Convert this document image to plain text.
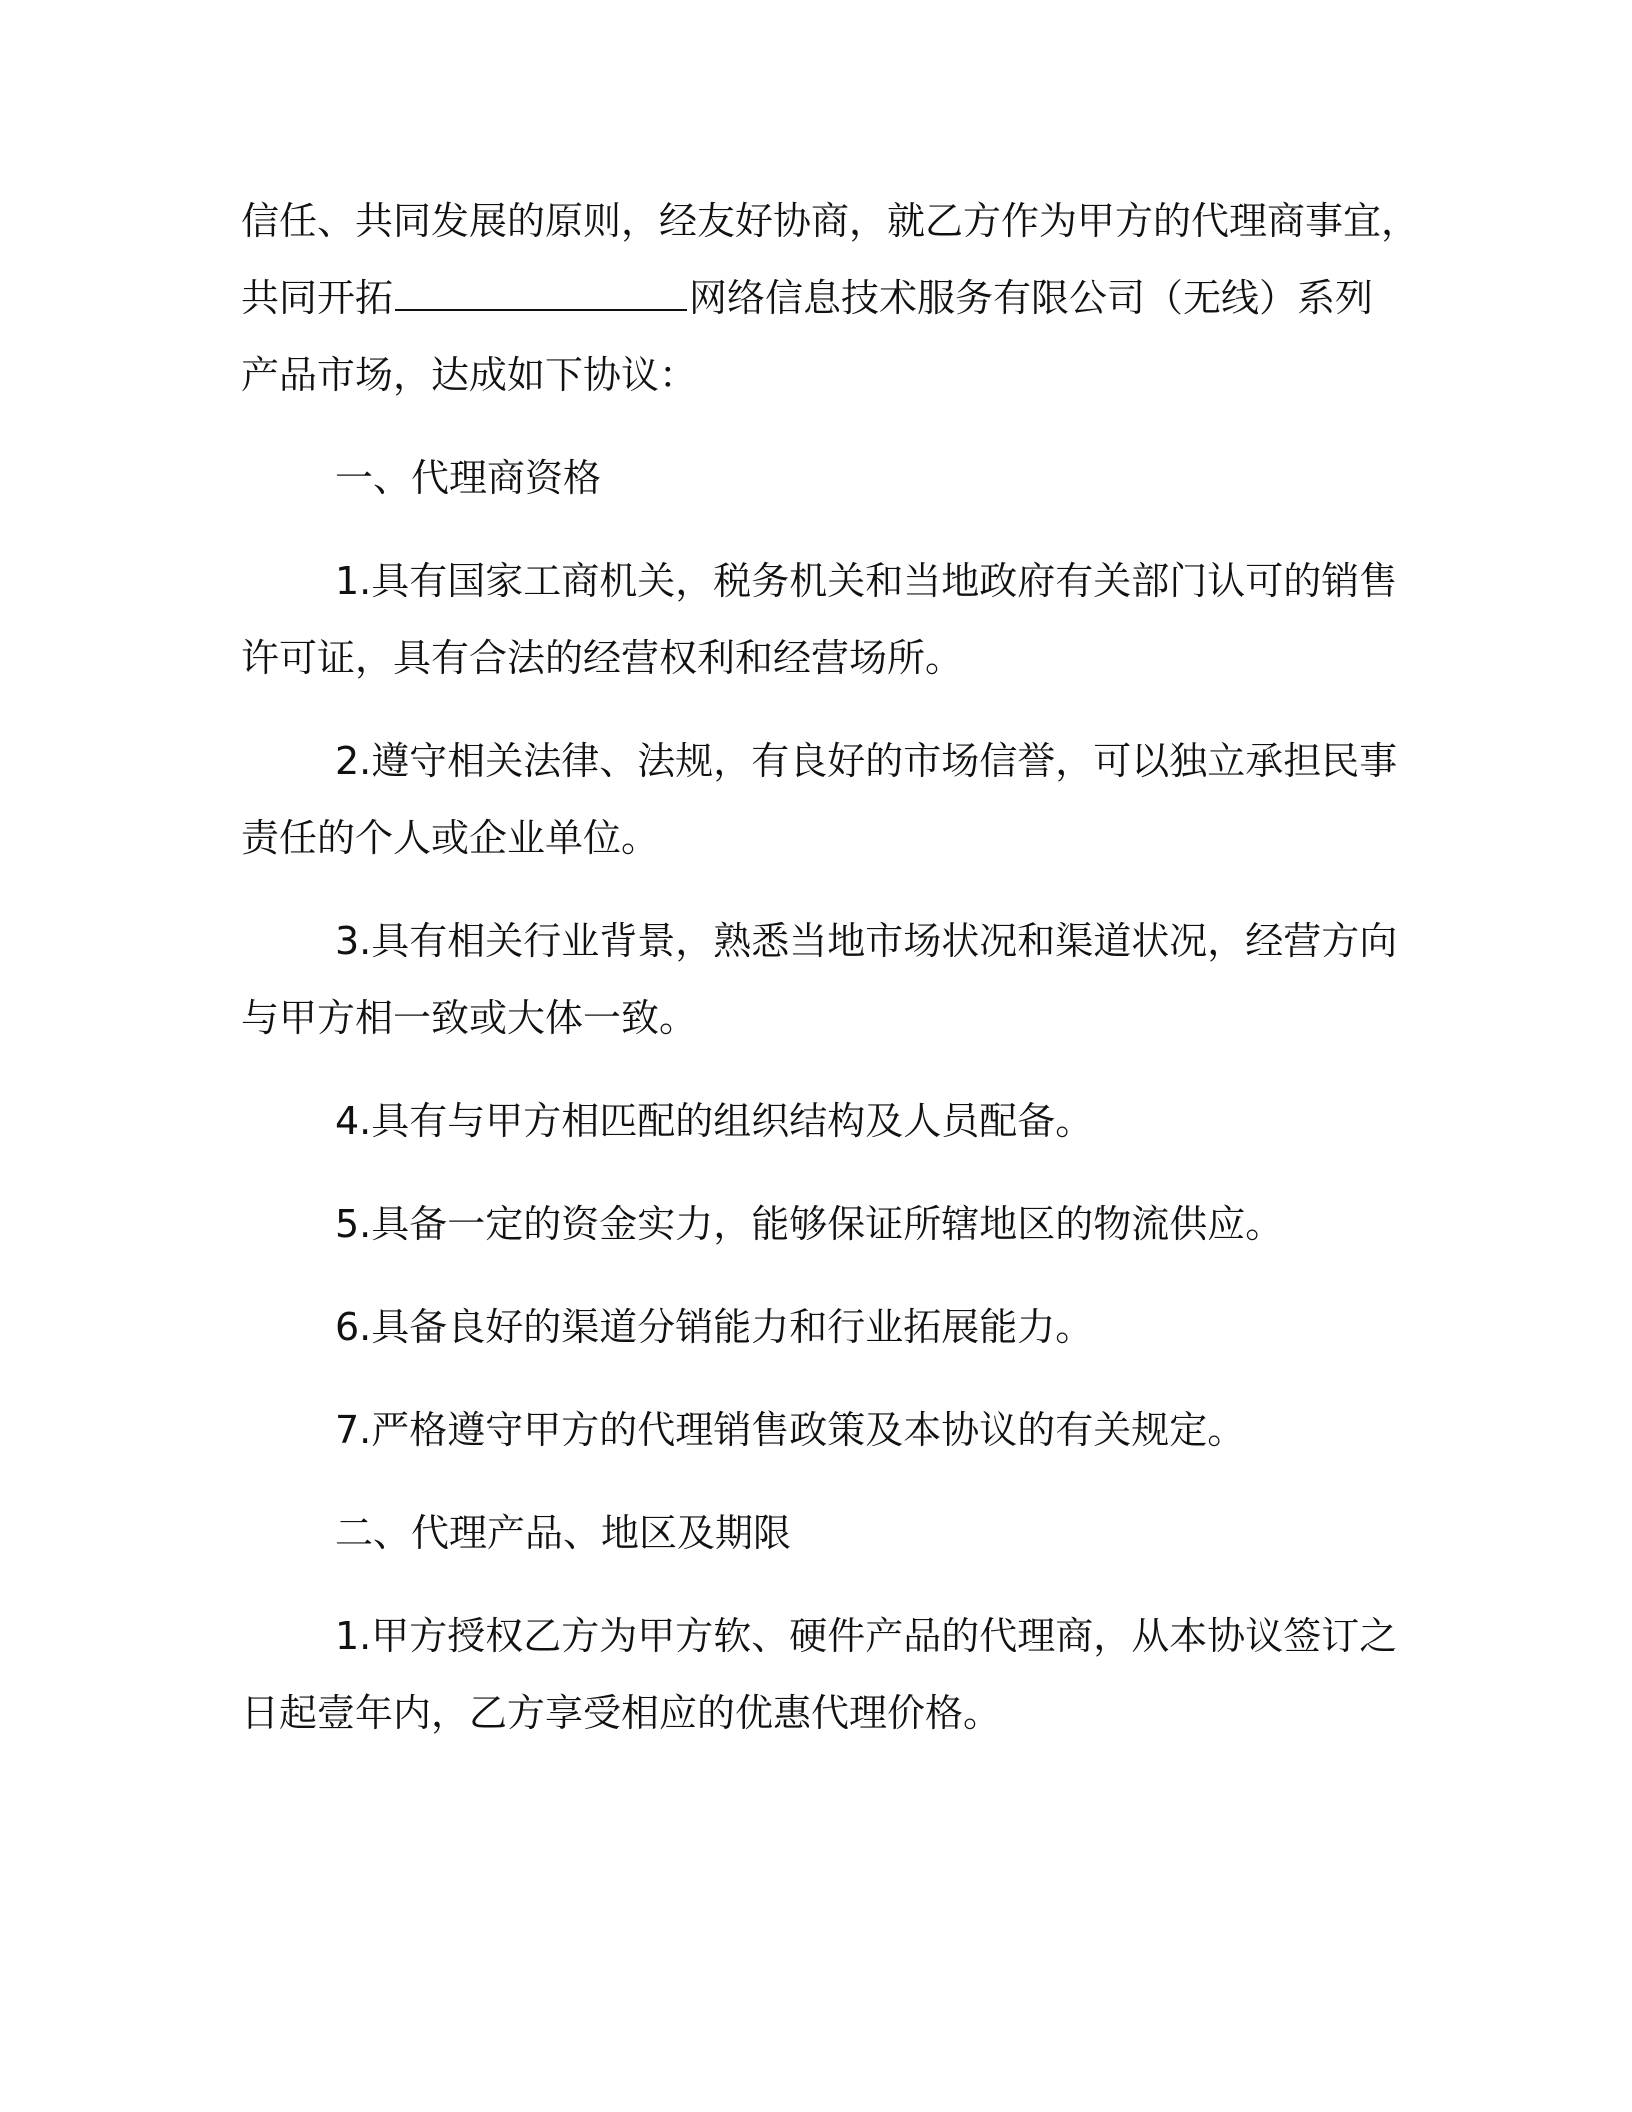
信任、共同发展的原则，经友好协商，就乙方作为甲方的代理商事宜，
共同开拓	网络信息技术服务有限公司（无线）系列
产品市场，达成如下协议：

一、代理商资格

1.具有国家工商机关，税务机关和当地政府有关部门认可的销售
许可证，具有合法的经营权利和经营场所。

2.遵守相关法律、法规，有良好的市场信誉，可以独立承担民事
责任的个人或企业单位。

3.具有相关行业背景，熟悉当地市场状况和渠道状况，经营方向
与甲方相一致或大体一致。

4.具有与甲方相匹配的组织结构及人员配备。

5.具备一定的资金实力，能够保证所辖地区的物流供应。

6.具备良好的渠道分销能力和行业拓展能力。

7.严格遵守甲方的代理销售政策及本协议的有关规定。

二、代理产品、地区及期限

1.甲方授权乙方为甲方软、硬件产品的代理商，从本协议签订之
日起壹年内，乙方享受相应的优惠代理价格。
